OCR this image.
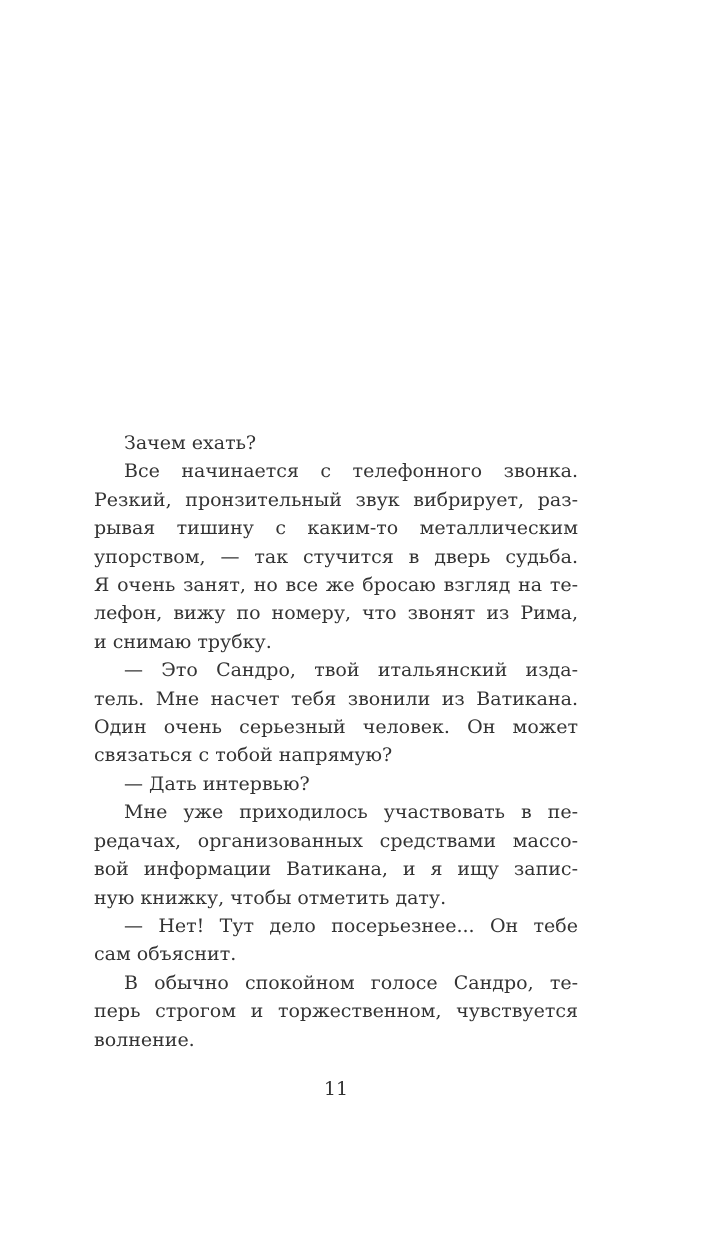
Зачем ехать?
Все начинается с телефонного звонка.
Резкий, пронзительный звук вибрирует, раз-
рывая тишину с каким-то металлическим
упорством, — так стучится в дверь судьба.
Я очень занят, но все же бросаю взгляд на те-
лефон, вижу по номеру, что звонят из Рима,
и снимаю трубку.
— Это Сандро, твой итальянский изда-
тель. Мне насчет тебя звонили из Ватикана.
Один очень серьезный человек. Он может
связаться с тобой напрямую?
— Дать интервью?
Мне уже приходилось участвовать в пе-
редачах, организованных средствами массо-
вой информации Ватикана, и я ищу запис-
ную книжку, чтобы отметить дату.
— Нет! Тут дело посерьезнее... Он тебе
сам объяснит.
В обычно спокойном голосе Сандро, те-
перь строгом и торжественном, чувствуется
волнение.
11
